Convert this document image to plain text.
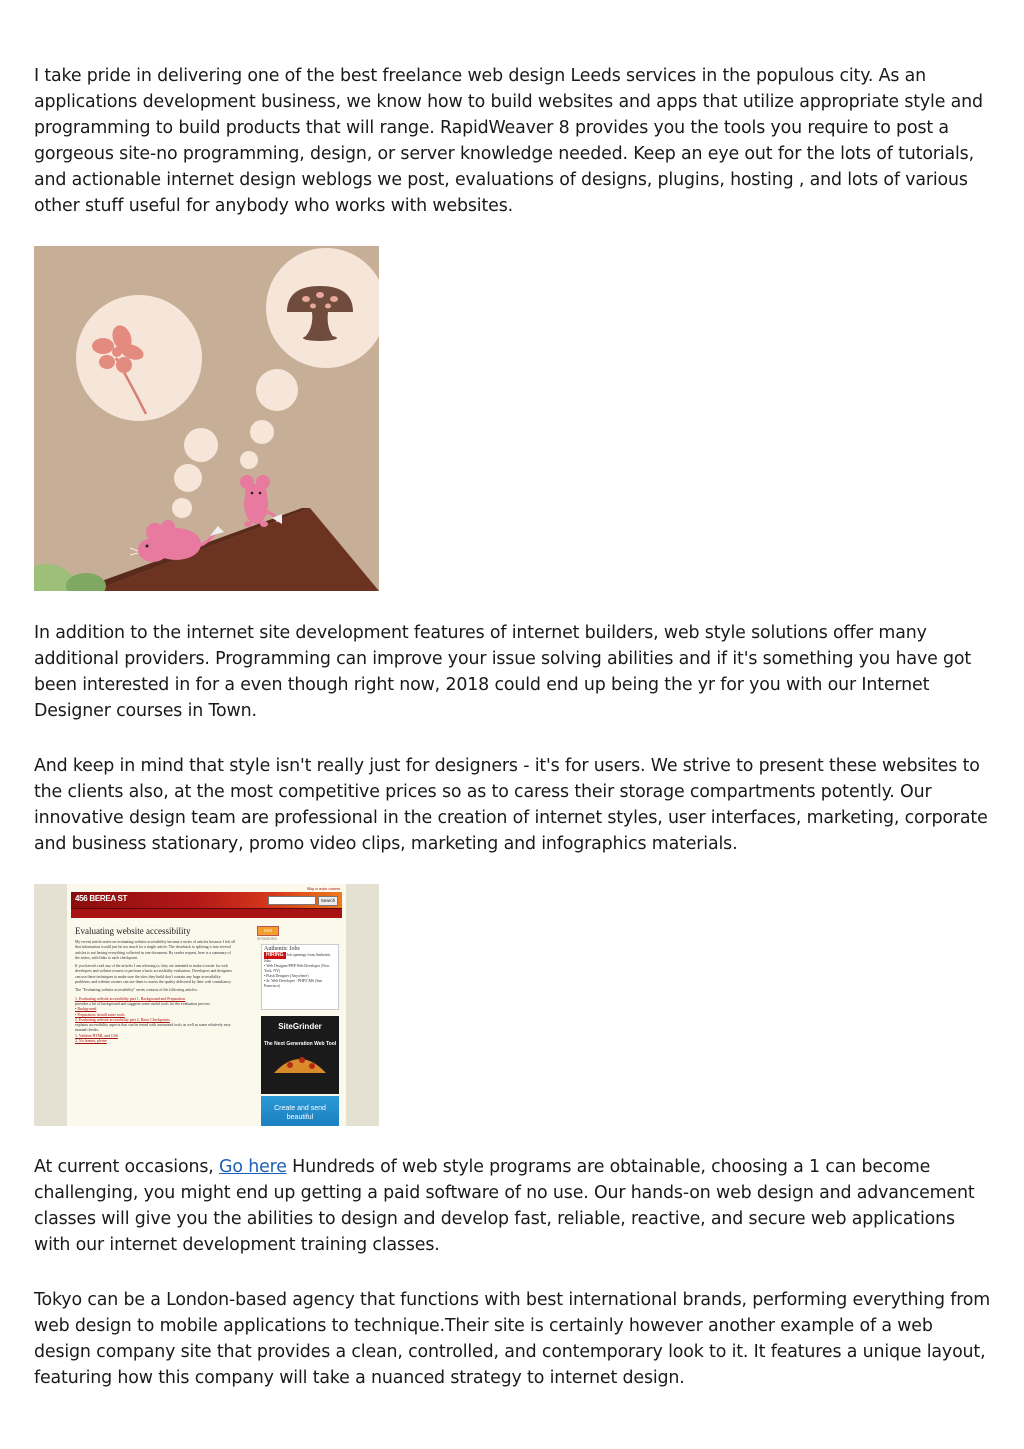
I take pride in delivering one of the best freelance web design Leeds services in the populous city. As an applications development business, we know how to build websites and apps that utilize appropriate style and programming to build products that will range. RapidWeaver 8 provides you the tools you require to post a gorgeous site-no programming, design, or server knowledge needed. Keep an eye out for the lots of tutorials, and actionable internet design weblogs we post, evaluations of designs, plugins, hosting , and lots of various other stuff useful for anybody who works with websites.

In addition to the internet site development features of internet builders, web style solutions offer many additional providers. Programming can improve your issue solving abilities and if it's something you have got been interested in for a even though right now, 2018 could end up being the yr for you with our Internet Designer courses in Town.

And keep in mind that style isn't really just for designers - it's for users. We strive to present these websites to the clients also, at the most competitive prices so as to caress their storage compartments potently. Our innovative design team are professional in the creation of internet styles, user interfaces, marketing, corporate and business stationary, promo video clips, marketing and infographics materials.

Skip to main content
456 BEREA ST	Search
Home About Archive Lab Reviews Contact
Evaluating website accessibility

My recent article series on evaluating website accessibility became a series of articles because I felt all that information would just be too much for a single article. The drawback to splitting it into several articles is not having everything collected in one document. By reader request, here is a summary of the series, with links to each checkpoint.

If you haven't read any of the articles I am referring to, they are intended to make it easier for web developers and website owners to perform a basic accessibility evaluation. Developers and designers can use these techniques to make sure the sites they build don't contain any huge accessibility problems, and website owners can use them to assess the quality delivered by their web consultancy.

The "Evaluating website accessibility" series consists of the following articles:

1. Evaluating website accessibility part 1, Background and Preparation
provides a bit of background and suggests some useful tools for the evaluation process.
• Background
• Preparation: install some tools
2. Evaluating website accessibility part 2, Basic Checkpoints
explains accessibility aspects that can be tested with automated tools as well as some relatively easy manual checks.
1. Validate HTML and CSS
2. No frames, please
RSS
SPONSORS
Authentic Jobs
HIRING Job openings from Authentic Jobs
• Web Designer/PHP Web Developer (New York, NY)
• Flash Designer (Anywhere)
• Sr. Web Developer - PHP/CMS (San Francisco)
SiteGrinder
The Next Generation Web Tool
Create and send beautiful

At current occasions, Go here Hundreds of web style programs are obtainable, choosing a 1 can become challenging, you might end up getting a paid software of no use. Our hands-on web design and advancement classes will give you the abilities to design and develop fast, reliable, reactive, and secure web applications with our internet development training classes.

Tokyo can be a London-based agency that functions with best international brands, performing everything from web design to mobile applications to technique.Their site is certainly however another example of a web design company site that provides a clean, controlled, and contemporary look to it. It features a unique layout, featuring how this company will take a nuanced strategy to internet design.
